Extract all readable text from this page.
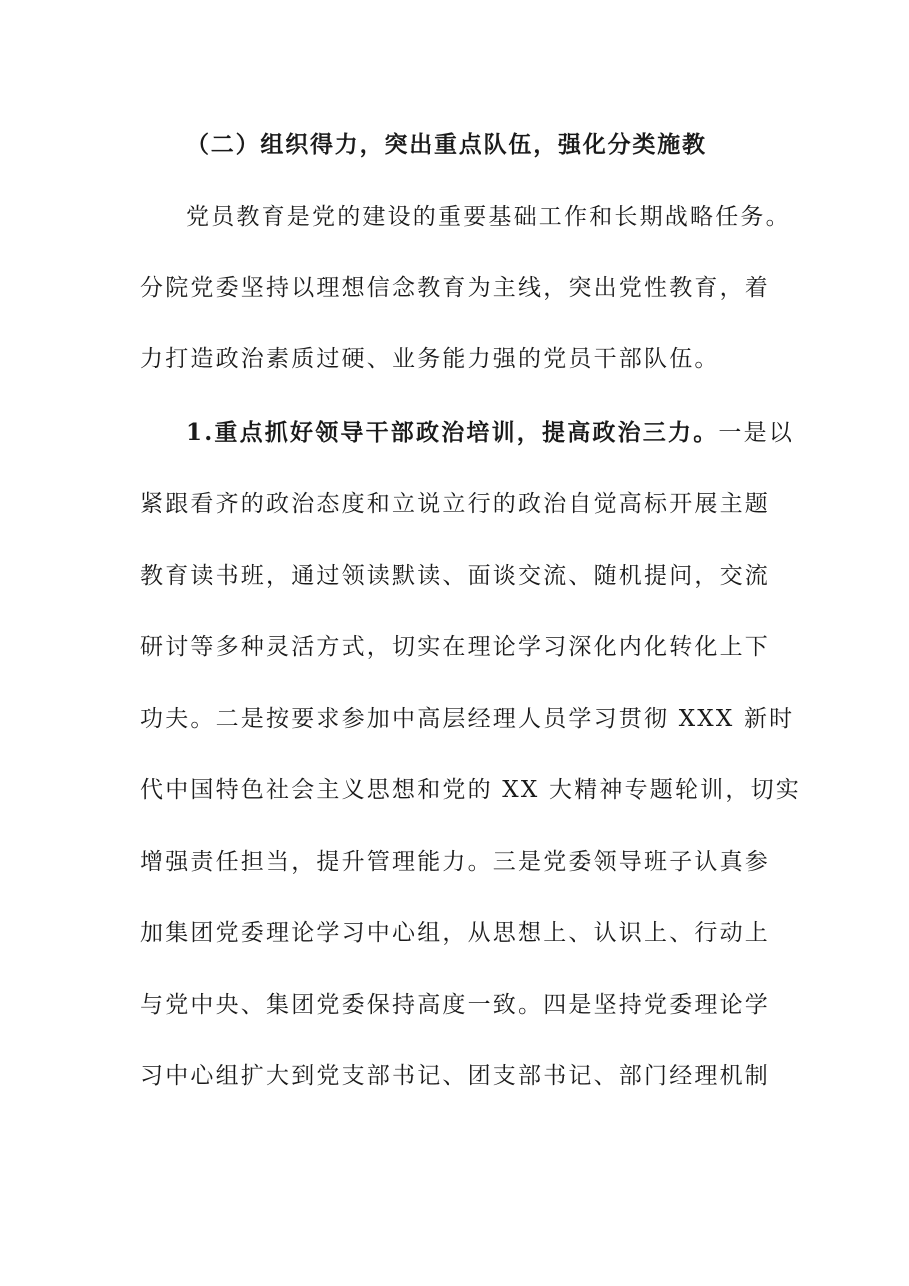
（二）组织得力，突出重点队伍，强化分类施教
党员教育是党的建设的重要基础工作和长期战略任务。
分院党委坚持以理想信念教育为主线，突出党性教育，着
力打造政治素质过硬、业务能力强的党员干部队伍。
1.重点抓好领导干部政治培训，提高政治三力。一是以
紧跟看齐的政治态度和立说立行的政治自觉高标开展主题
教育读书班，通过领读默读、面谈交流、随机提问，交流
研讨等多种灵活方式，切实在理论学习深化内化转化上下
功夫。二是按要求参加中高层经理人员学习贯彻 XXX 新时
代中国特色社会主义思想和党的 XX 大精神专题轮训，切实
增强责任担当，提升管理能力。三是党委领导班子认真参
加集团党委理论学习中心组，从思想上、认识上、行动上
与党中央、集团党委保持高度一致。四是坚持党委理论学
习中心组扩大到党支部书记、团支部书记、部门经理机制
